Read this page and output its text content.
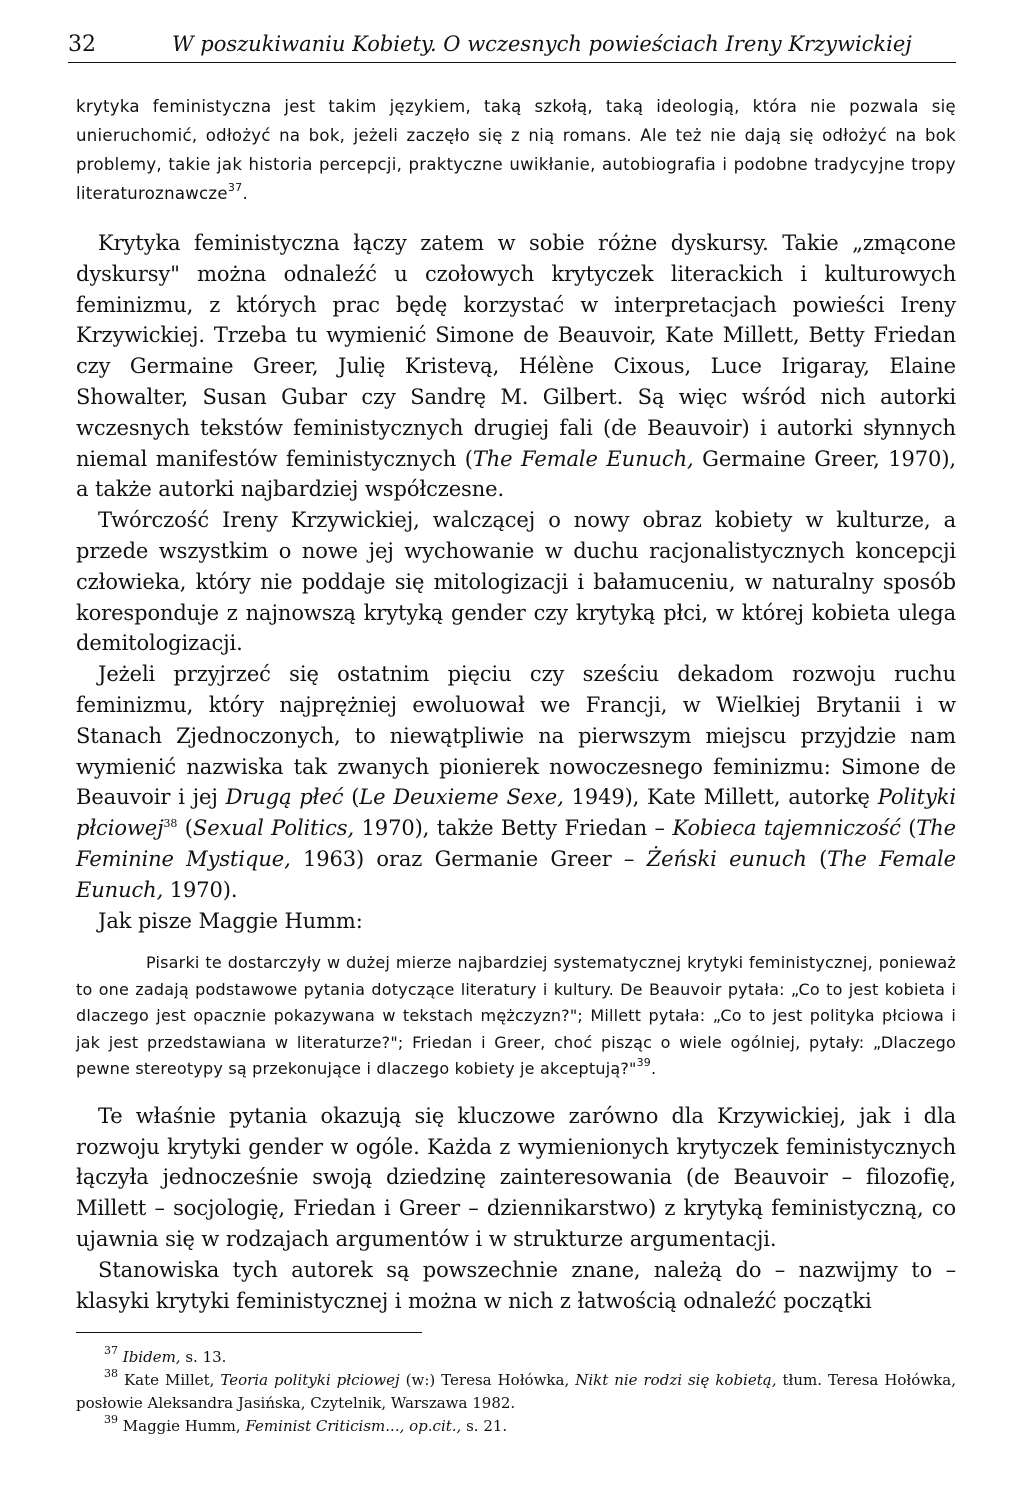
32	W poszukiwaniu Kobiety. O wczesnych powieściach Ireny Krzywickiej

krytyka feministyczna jest takim językiem, taką szkołą, taką ideologią, która nie pozwala się unieruchomić, odłożyć na bok, jeżeli zaczęło się z nią romans. Ale też nie dają się odłożyć na bok problemy, takie jak historia percepcji, praktyczne uwikłanie, autobiografia i podobne tradycyjne tropy literaturoznawcze$^{37}$.

Krytyka feministyczna łączy zatem w sobie różne dyskursy. Takie „zmącone dyskursy" można odnaleźć u czołowych krytyczek literackich i kulturowych feminizmu, z których prac będę korzystać w interpretacjach powieści Ireny Krzywickiej. Trzeba tu wymienić Simone de Beauvoir, Kate Millett, Betty Friedan czy Germaine Greer, Julię Kristevą, Hélène Cixous, Luce Irigaray, Elaine Showalter, Susan Gubar czy Sandrę M. Gilbert. Są więc wśród nich autorki wczesnych tekstów feministycznych drugiej fali (de Beauvoir) i autorki słynnych niemal manifestów feministycznych (The Female Eunuch, Germaine Greer, 1970), a także autorki najbardziej współczesne.

Twórczość Ireny Krzywickiej, walczącej o nowy obraz kobiety w kulturze, a przede wszystkim o nowe jej wychowanie w duchu racjonalistycznych koncepcji człowieka, który nie poddaje się mitologizacji i bałamuceniu, w naturalny sposób koresponduje z najnowszą krytyką gender czy krytyką płci, w której kobieta ulega demitologizacji.

Jeżeli przyjrzeć się ostatnim pięciu czy sześciu dekadom rozwoju ruchu feminizmu, który najprężniej ewoluował we Francji, w Wielkiej Brytanii i w Stanach Zjednoczonych, to niewątpliwie na pierwszym miejscu przyjdzie nam wymienić nazwiska tak zwanych pionierek nowoczesnego feminizmu: Simone de Beauvoir i jej Drugą płeć (Le Deuxieme Sexe, 1949), Kate Millett, autorkę Polityki płciowej$^{38}$ (Sexual Politics, 1970), także Betty Friedan – Kobieca tajemniczość (The Feminine Mystique, 1963) oraz Germanie Greer – Żeński eunuch (The Female Eunuch, 1970).

Jak pisze Maggie Humm:

Pisarki te dostarczyły w dużej mierze najbardziej systematycznej krytyki feministycznej, ponieważ to one zadają podstawowe pytania dotyczące literatury i kultury. De Beauvoir pytała: „Co to jest kobieta i dlaczego jest opacznie pokazywana w tekstach mężczyzn?"; Millett pytała: „Co to jest polityka płciowa i jak jest przedstawiana w literaturze?"; Friedan i Greer, choć pisząc o wiele ogólniej, pytały: „Dlaczego pewne stereotypy są przekonujące i dlaczego kobiety je akceptują?"$^{39}$.

Te właśnie pytania okazują się kluczowe zarówno dla Krzywickiej, jak i dla rozwoju krytyki gender w ogóle. Każda z wymienionych krytyczek feministycznych łączyła jednocześnie swoją dziedzinę zainteresowania (de Beauvoir – filozofię, Millett – socjologię, Friedan i Greer – dziennikarstwo) z krytyką feministyczną, co ujawnia się w rodzajach argumentów i w strukturze argumentacji.

Stanowiska tych autorek są powszechnie znane, należą do – nazwijmy to – klasyki krytyki feministycznej i można w nich z łatwością odnaleźć początki

$^{37}$ Ibidem, s. 13.

$^{38}$ Kate Millet, Teoria polityki płciowej (w:) Teresa Hołówka, Nikt nie rodzi się kobietą, tłum. Teresa Hołówka, posłowie Aleksandra Jasińska, Czytelnik, Warszawa 1982.

$^{39}$ Maggie Humm, Feminist Criticism..., op.cit., s. 21.
